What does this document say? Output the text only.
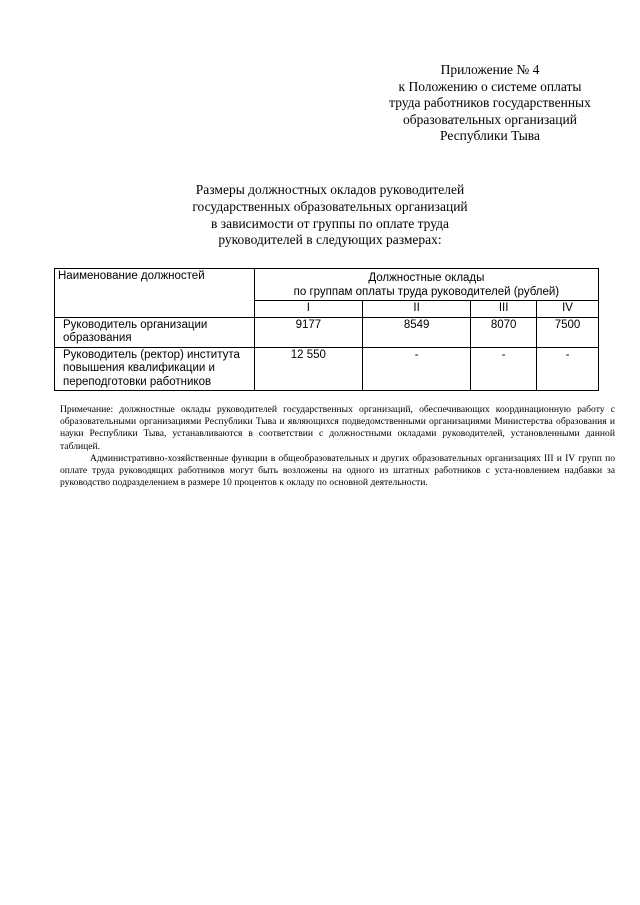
Приложение № 4
к Положению о системе оплаты
труда работников государственных
образовательных организаций
Республики Тыва
Размеры должностных окладов руководителей
государственных образовательных организаций
в зависимости от группы по оплате труда
руководителей в следующих размерах:
Наименование должностей	Должностные оклады
по группам оплаты труда руководителей (рублей)			

	I	II	III	IV
Руководитель организации образования	9177	8549	8070	7500
Руководитель (ректор) института повышения квалификации и переподготовки работников	12 550	-	-	-

Примечание: должностные оклады руководителей государственных организаций, обеспечивающих координационную работу с образовательными организациями Республики Тыва и являющихся подведомственными организациями Министерства образования и науки Республики Тыва, устанавливаются в соответствии с должностными окладами руководителей, установленными данной таблицей.

Административно-хозяйственные функции в общеобразовательных и других образовательных организациях III и IV групп по оплате труда руководящих работников могут быть возложены на одного из штатных работников с уста-новлением надбавки за руководство подразделением в размере 10 процентов к окладу по основной деятельности.
